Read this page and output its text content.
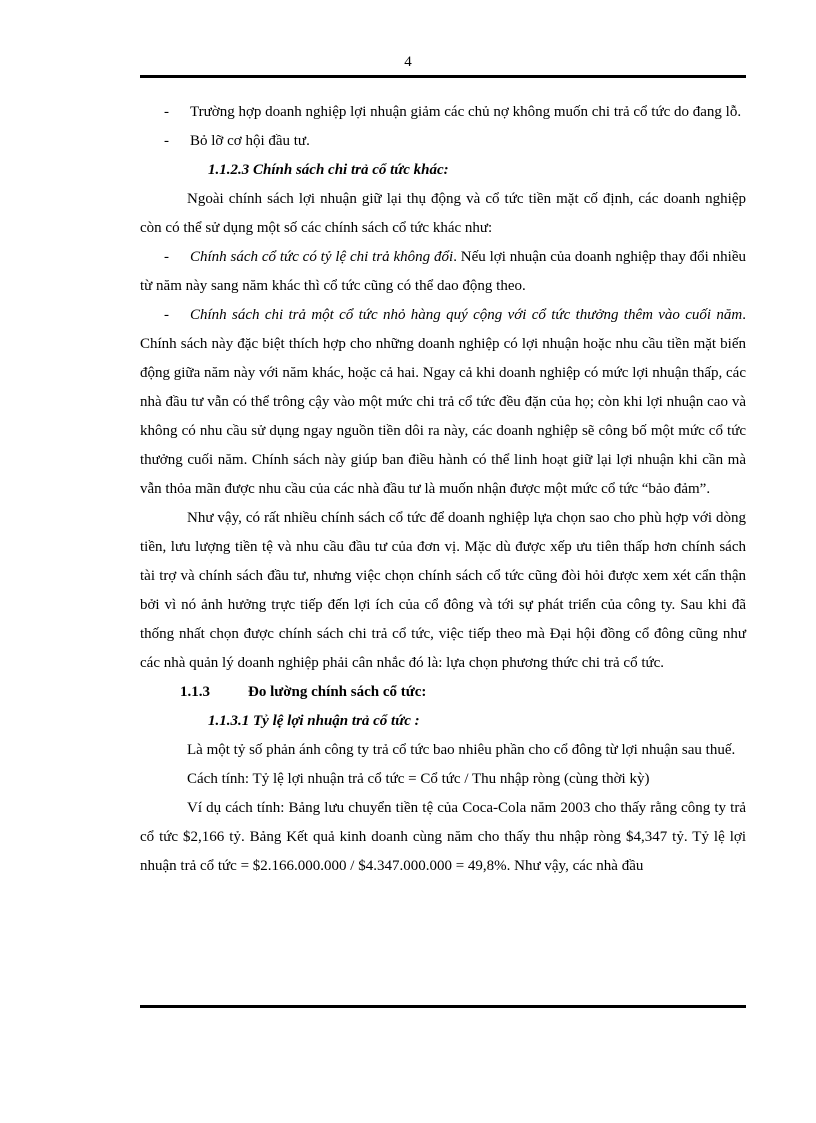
4

- Trường hợp doanh nghiệp lợi nhuận giảm các chủ nợ không muốn chi trả cổ tức do đang lỗ.

- Bỏ lỡ cơ hội đầu tư.

1.1.2.3 Chính sách chi trả cổ tức khác:

Ngoài chính sách lợi nhuận giữ lại thụ động và cổ tức tiền mặt cố định, các doanh nghiệp còn có thể sử dụng một số các chính sách cổ tức khác như:

- Chính sách cổ tức có tỷ lệ chi trả không đổi. Nếu lợi nhuận của doanh nghiệp thay đổi nhiều từ năm này sang năm khác thì cổ tức cũng có thể dao động theo.

- Chính sách chi trả một cổ tức nhỏ hàng quý cộng với cổ tức thưởng thêm vào cuối năm. Chính sách này đặc biệt thích hợp cho những doanh nghiệp có lợi nhuận hoặc nhu cầu tiền mặt biến động giữa năm này với năm khác, hoặc cả hai. Ngay cả khi doanh nghiệp có mức lợi nhuận thấp, các nhà đầu tư vẫn có thể trông cậy vào một mức chi trả cổ tức đều đặn của họ; còn khi lợi nhuận cao và không có nhu cầu sử dụng ngay nguồn tiền dôi ra này, các doanh nghiệp sẽ công bố một mức cổ tức thưởng cuối năm. Chính sách này giúp ban điều hành có thể linh hoạt giữ lại lợi nhuận khi cần mà vẫn thỏa mãn được nhu cầu của các nhà đầu tư là muốn nhận được một mức cổ tức “bảo đảm”.

Như vậy, có rất nhiều chính sách cổ tức để doanh nghiệp lựa chọn sao cho phù hợp với dòng tiền, lưu lượng tiền tệ và nhu cầu đầu tư của đơn vị. Mặc dù được xếp ưu tiên thấp hơn chính sách tài trợ và chính sách đầu tư, nhưng việc chọn chính sách cổ tức cũng đòi hỏi được xem xét cẩn thận bởi vì nó ảnh hưởng trực tiếp đến lợi ích của cổ đông và tới sự phát triển của công ty. Sau khi đã thống nhất chọn được chính sách chi trả cổ tức, việc tiếp theo mà Đại hội đồng cổ đông cũng như các nhà quản lý doanh nghiệp phải cân nhắc đó là: lựa chọn phương thức chi trả cổ tức.

1.1.3	Đo lường chính sách cổ tức:

1.1.3.1 Tỷ lệ lợi nhuận trả cổ tức :

Là một tỷ số phản ánh công ty trả cổ tức bao nhiêu phần cho cổ đông từ lợi nhuận sau thuế.

Cách tính: Tỷ lệ lợi nhuận trả cổ tức = Cổ tức / Thu nhập ròng (cùng thời kỳ)

Ví dụ cách tính: Bảng lưu chuyển tiền tệ của Coca-Cola năm 2003 cho thấy rằng công ty trả cổ tức $2,166 tỷ. Bảng Kết quả kinh doanh cùng năm cho thấy thu nhập ròng $4,347 tỷ. Tỷ lệ lợi nhuận trả cổ tức = $2.166.000.000 / $4.347.000.000 = 49,8%. Như vậy, các nhà đầu
